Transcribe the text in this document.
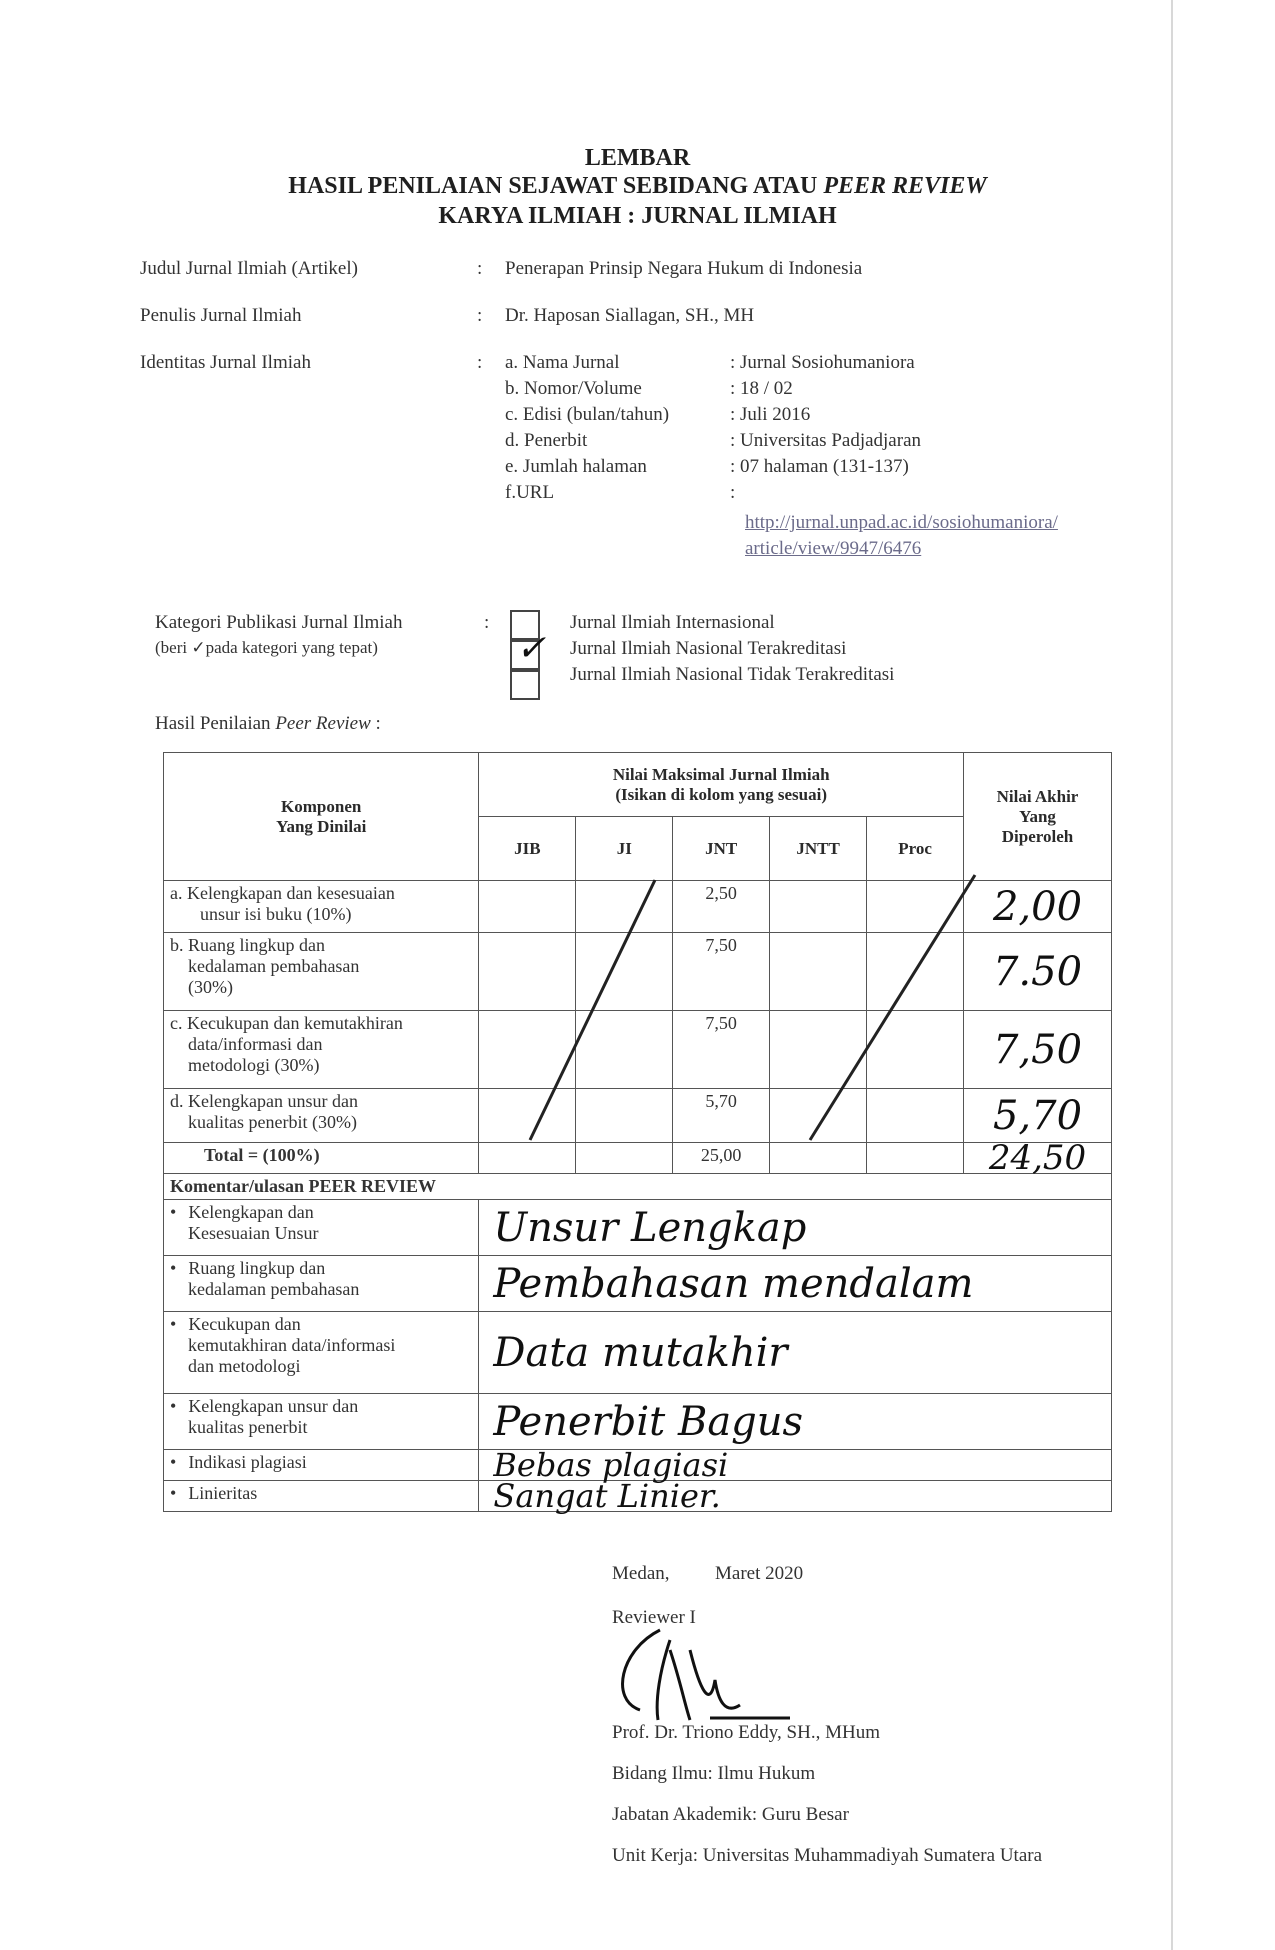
LEMBAR
HASIL PENILAIAN SEJAWAT SEBIDANG ATAU PEER REVIEW
KARYA ILMIAH : JURNAL ILMIAH
Judul Jurnal Ilmiah (Artikel)	: Penerapan Prinsip Negara Hukum di Indonesia
Penulis Jurnal Ilmiah	: Dr. Haposan Siallagan, SH., MH
Identitas Jurnal Ilmiah	: a. Nama Jurnal	: Jurnal Sosiohumaniora
b. Nomor/Volume	: 18 / 02
c. Edisi (bulan/tahun)	: Juli 2016
d. Penerbit	: Universitas Padjadjaran
e. Jumlah halaman	: 07 halaman (131-137)
f.URL	:
http://jurnal.unpad.ac.id/sosiohumaniora/
article/view/9947/6476
Kategori Publikasi Jurnal Ilmiah
(beri ✓pada kategori yang tepat)
:
✓
Jurnal Ilmiah Internasional
Jurnal Ilmiah Nasional Terakreditasi
Jurnal Ilmiah Nasional Tidak Terakreditasi
Hasil Penilaian Peer Review :
Komponen
Yang Dinilai	Nilai Maksimal Jurnal Ilmiah
(Isikan di kolom yang sesuai)					Nilai Akhir
Yang
Diperoleh
	JIB	JI	JNT	JNTT	Proc	
a. Kelengkapan dan kesesuaian
unsur isi buku (10%)			2,50			2,00
b. Ruang lingkup dan
kedalaman pembahasan
(30%)			7,50			7.50
c. Kecukupan dan kemutakhiran
data/informasi dan
metodologi (30%)			7,50			7,50
d. Kelengkapan unsur dan
kualitas penerbit (30%)			5,70			5,70
Total = (100%)			25,00			24,50
Komentar/ulasan PEER REVIEW						
• Kelengkapan dan
Kesesuaian Unsur	Unsur Lengkap					
• Ruang lingkup dan
kedalaman pembahasan	Pembahasan mendalam					
• Kecukupan dan
kemutakhiran data/informasi
dan metodologi	Data mutakhir					
• Kelengkapan unsur dan
kualitas penerbit	Penerbit Bagus					
• Indikasi plagiasi	Bebas plagiasi					
• Linieritas	Sangat Linier.					
Medan, Maret 2020
Reviewer I
Prof. Dr. Triono Eddy, SH., MHum
Bidang Ilmu: Ilmu Hukum
Jabatan Akademik: Guru Besar
Unit Kerja: Universitas Muhammadiyah Sumatera Utara
